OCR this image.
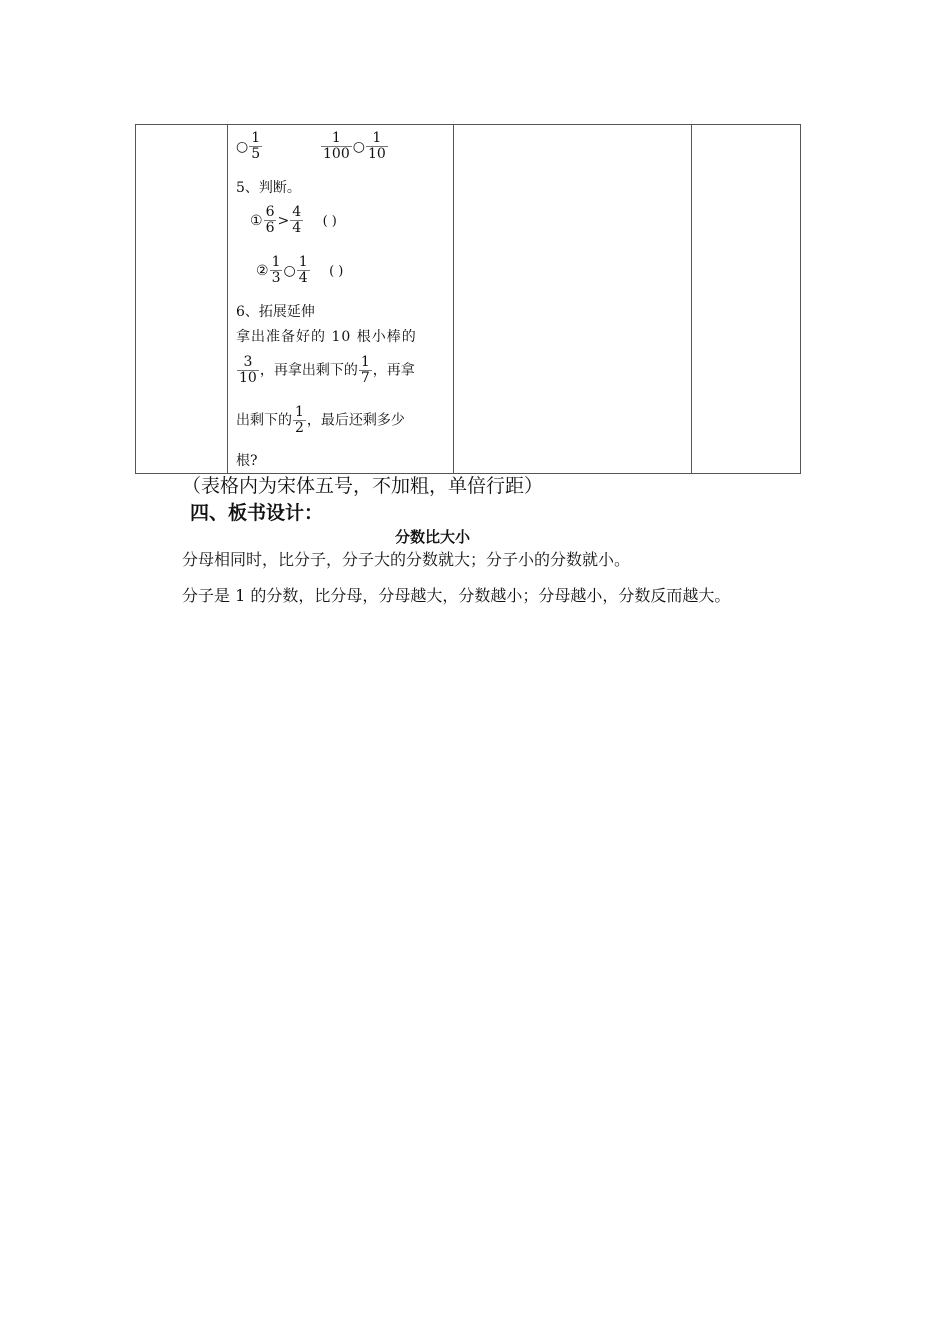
○ $\frac{1}{5}$	$\frac{1}{100}$ ○ $\frac{1}{10}$
5、判断。
① $\frac{6}{6} > \frac{4}{4}$ ( )
② $\frac{1}{3}$ ○ $\frac{1}{4}$ ( )
6、拓展延伸
拿出准备好的 10 根小棒的
$\frac{3}{10}$ ，再拿出剩下的 $\frac{1}{7}$ ，再拿
出剩下的 $\frac{1}{2}$ ，最后还剩多少
根?

（表格内为宋体五号，不加粗，单倍行距）
四、板书设计：
分数比大小
分母相同时，比分子，分子大的分数就大；分子小的分数就小。
分子是 1 的分数，比分母，分母越大，分数越小；分母越小，分数反而越大。
